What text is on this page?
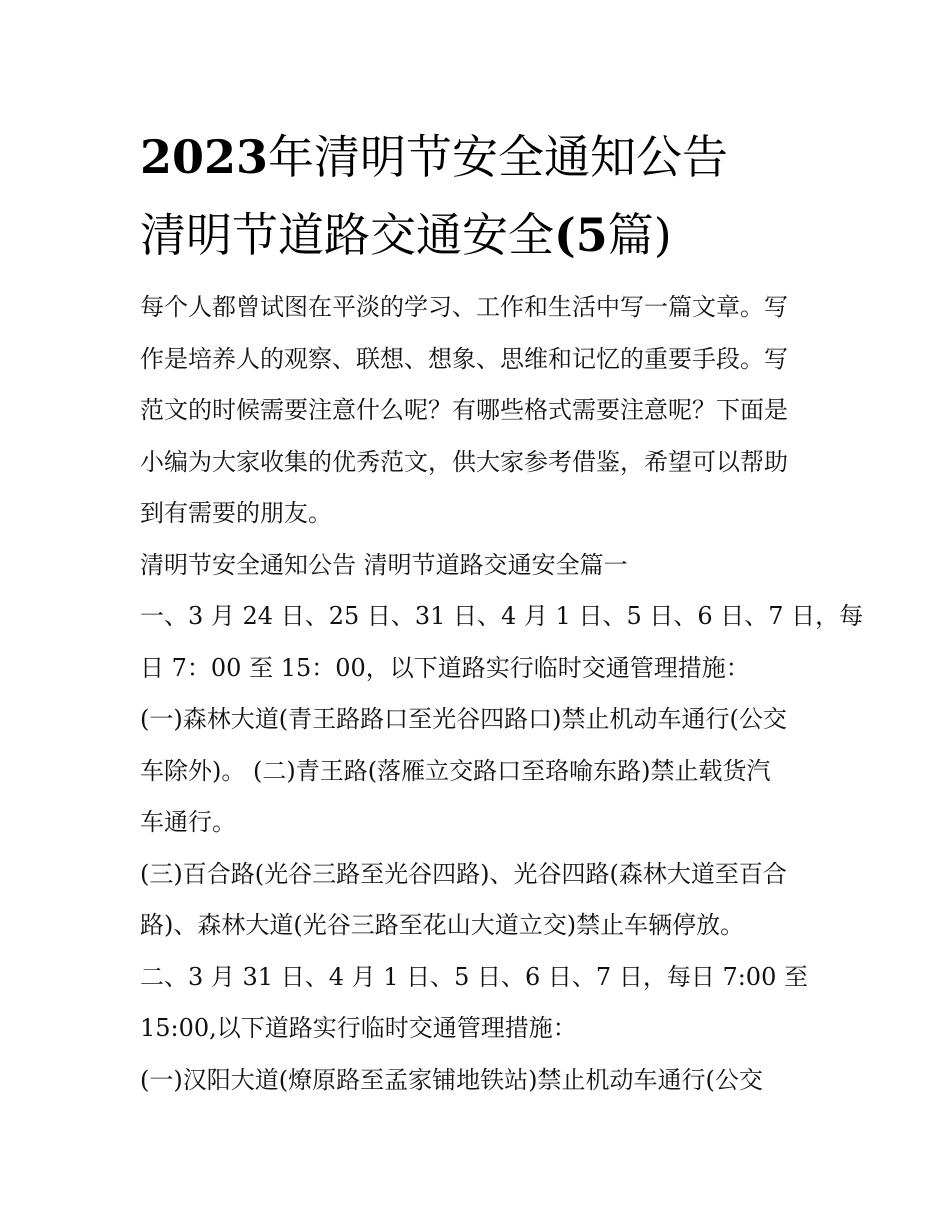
2023年清明节安全通知公告
清明节道路交通安全(5篇)

每个人都曾试图在平淡的学习、工作和生活中写一篇文章。写
作是培养人的观察、联想、想象、思维和记忆的重要手段。写
范文的时候需要注意什么呢？有哪些格式需要注意呢？下面是
小编为大家收集的优秀范文，供大家参考借鉴，希望可以帮助
到有需要的朋友。

清明节安全通知公告 清明节道路交通安全篇一

一、3 月 24 日、25 日、31 日、4 月 1 日、5 日、6 日、7 日，每
日 7：00 至 15：00，以下道路实行临时交通管理措施：

(一)森林大道(青王路路口至光谷四路口)禁止机动车通行(公交
车除外)。 (二)青王路(落雁立交路口至珞喻东路)禁止载货汽
车通行。

(三)百合路(光谷三路至光谷四路)、光谷四路(森林大道至百合
路)、森林大道(光谷三路至花山大道立交)禁止车辆停放。

二、3 月 31 日、4 月 1 日、5 日、6 日、7 日，每日 7:00 至
15:00,以下道路实行临时交通管理措施：

(一)汉阳大道(燎原路至孟家铺地铁站)禁止机动车通行(公交
